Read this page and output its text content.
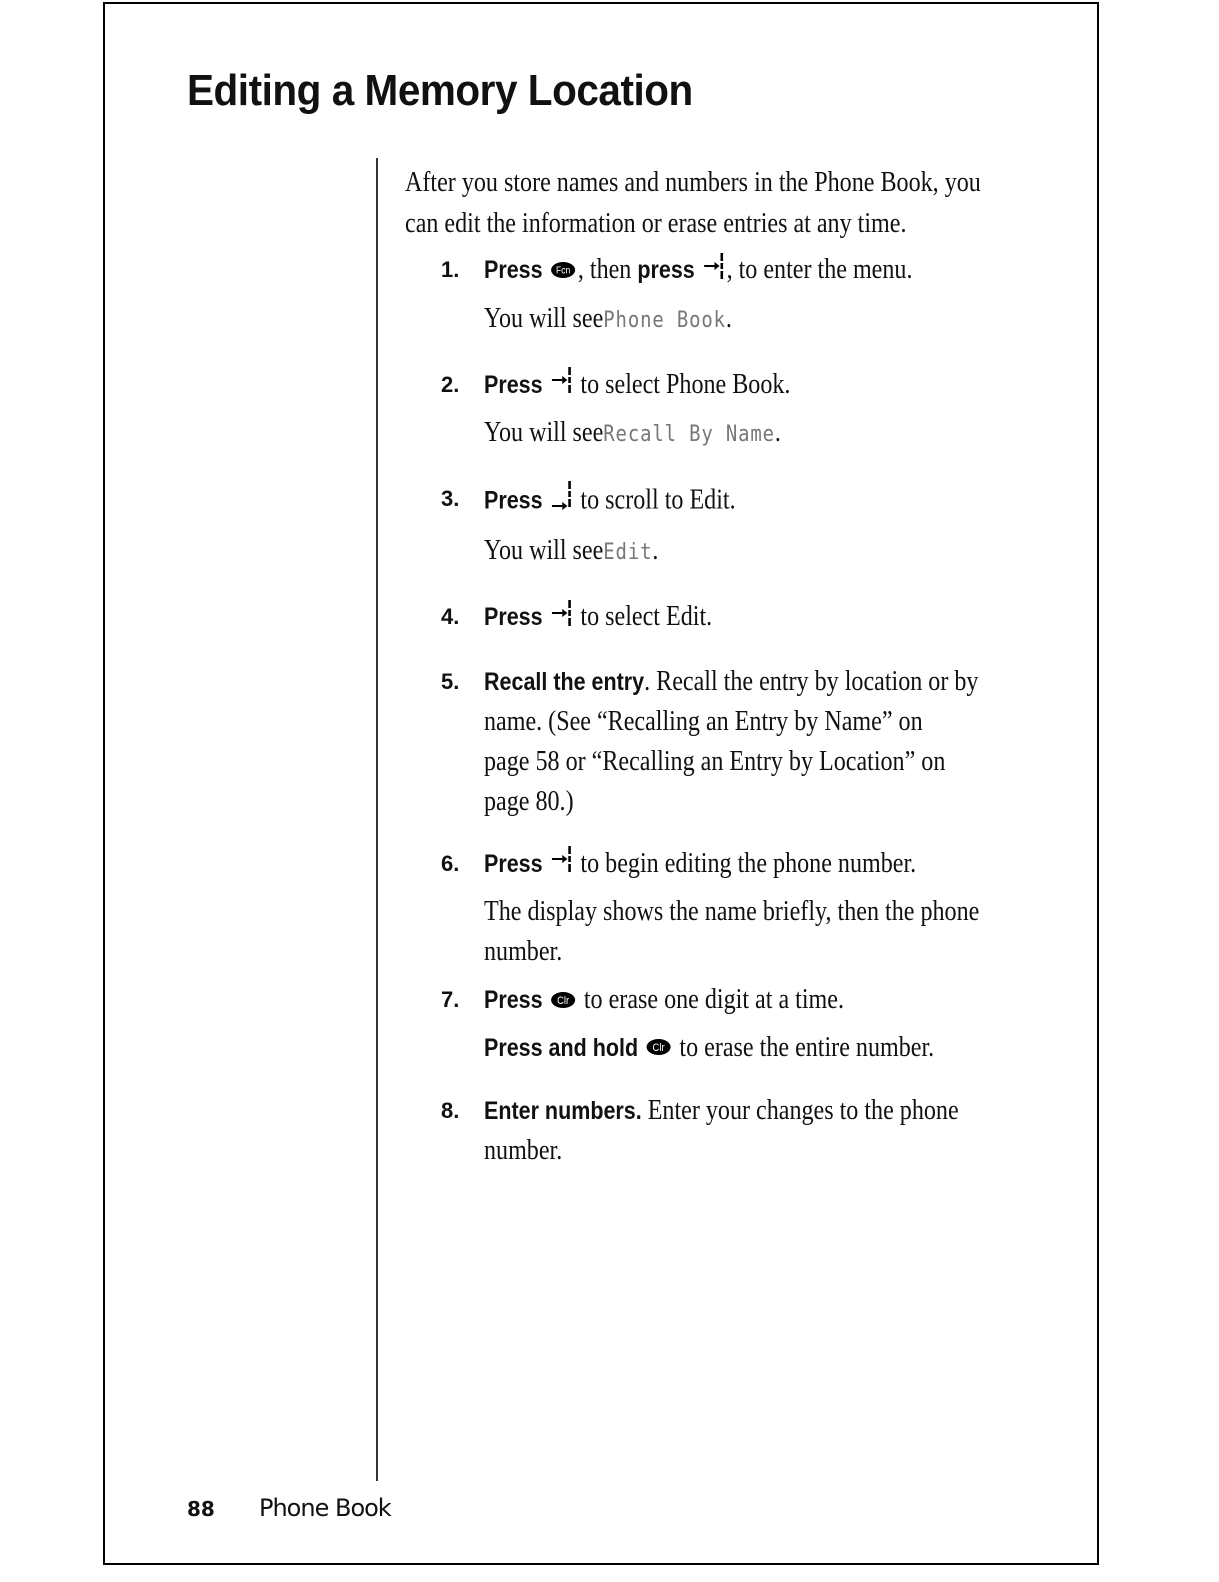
Editing a Memory Location
After you store names and numbers in the Phone Book, you
can edit the information or erase entries at any time.
1. Press Fcn , then press , to enter the menu.
You will seePhone Book.
2. Press  to select Phone Book.
You will seeRecall By Name.
3. Press  to scroll to Edit.
You will seeEdit.
4. Press  to select Edit.
5. Recall the entry. Recall the entry by location or by
name. (See “Recalling an Entry by Name” on
page 58 or “Recalling an Entry by Location” on
page 80.)
6. Press  to begin editing the phone number.
The display shows the name briefly, then the phone
number.
7. Press Clr to erase one digit at a time.
Press and hold Clr to erase the entire number.
8. Enter numbers. Enter your changes to the phone
number.
88 Phone Book
